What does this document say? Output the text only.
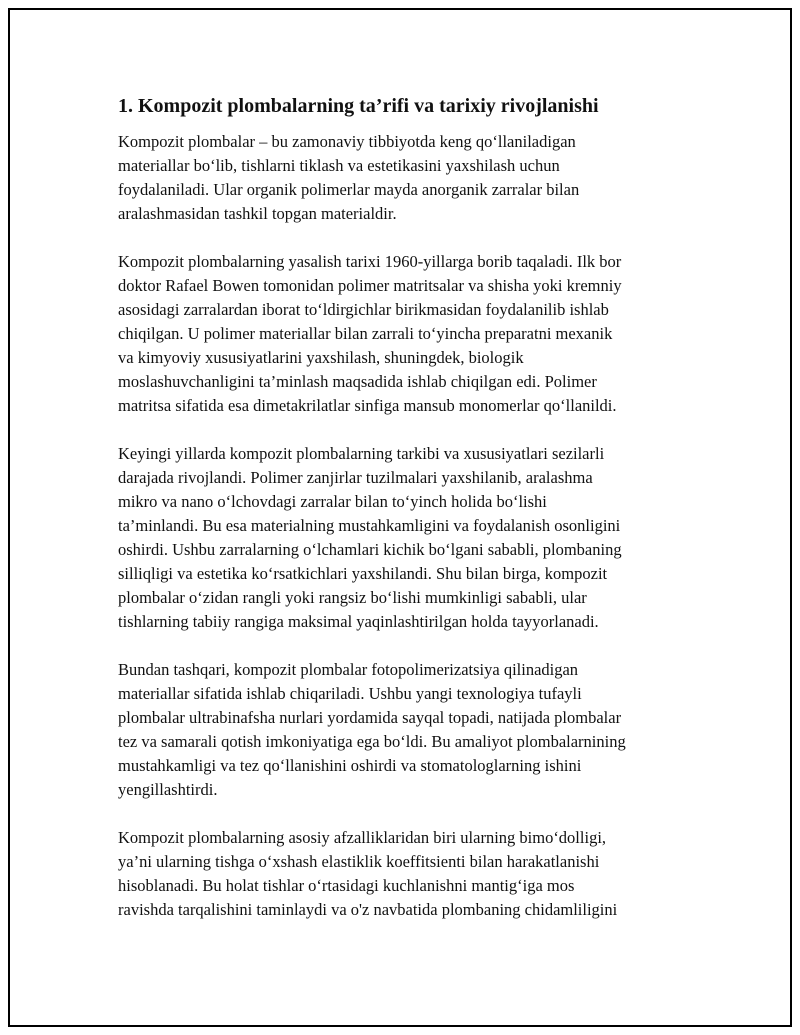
1. Kompozit plombalarning ta’rifi va tarixiy rivojlanishi
Kompozit plombalar – bu zamonaviy tibbiyotda keng qo‘llaniladigan
materiallar bo‘lib, tishlarni tiklash va estetikasini yaxshilash uchun
foydalaniladi. Ular organik polimerlar mayda anorganik zarralar bilan
aralashmasidan tashkil topgan materialdir.
Kompozit plombalarning yasalish tarixi 1960-yillarga borib taqaladi. Ilk bor
doktor Rafael Bowen tomonidan polimer matritsalar va shisha yoki kremniy
asosidagi zarralardan iborat to‘ldirgichlar birikmasidan foydalanilib ishlab
chiqilgan. U polimer materiallar bilan zarrali to‘yincha preparatni mexanik
va kimyoviy xususiyatlarini yaxshilash, shuningdek, biologik
moslashuvchanligini ta’minlash maqsadida ishlab chiqilgan edi. Polimer
matritsa sifatida esa dimetakrilatlar sinfiga mansub monomerlar qo‘llanildi.
Keyingi yillarda kompozit plombalarning tarkibi va xususiyatlari sezilarli
darajada rivojlandi. Polimer zanjirlar tuzilmalari yaxshilanib, aralashma
mikro va nano o‘lchovdagi zarralar bilan to‘yinch holida bo‘lishi
ta’minlandi. Bu esa materialning mustahkamligini va foydalanish osonligini
oshirdi. Ushbu zarralarning o‘lchamlari kichik bo‘lgani sababli, plombaning
silliqligi va estetika ko‘rsatkichlari yaxshilandi. Shu bilan birga, kompozit
plombalar o‘zidan rangli yoki rangsiz bo‘lishi mumkinligi sababli, ular
tishlarning tabiiy rangiga maksimal yaqinlashtirilgan holda tayyorlanadi.
Bundan tashqari, kompozit plombalar fotopolimerizatsiya qilinadigan
materiallar sifatida ishlab chiqariladi. Ushbu yangi texnologiya tufayli
plombalar ultrabinafsha nurlari yordamida sayqal topadi, natijada plombalar
tez va samarali qotish imkoniyatiga ega bo‘ldi. Bu amaliyot plombalarnining
mustahkamligi va tez qo‘llanishini oshirdi va stomatologlarning ishini
yengillashtirdi.
Kompozit plombalarning asosiy afzalliklaridan biri ularning bimo‘dolligi,
ya’ni ularning tishga o‘xshash elastiklik koeffitsienti bilan harakatlanishi
hisoblanadi. Bu holat tishlar o‘rtasidagi kuchlanishni mantig‘iga mos
ravishda tarqalishini taminlaydi va o'z navbatida plombaning chidamliligini
